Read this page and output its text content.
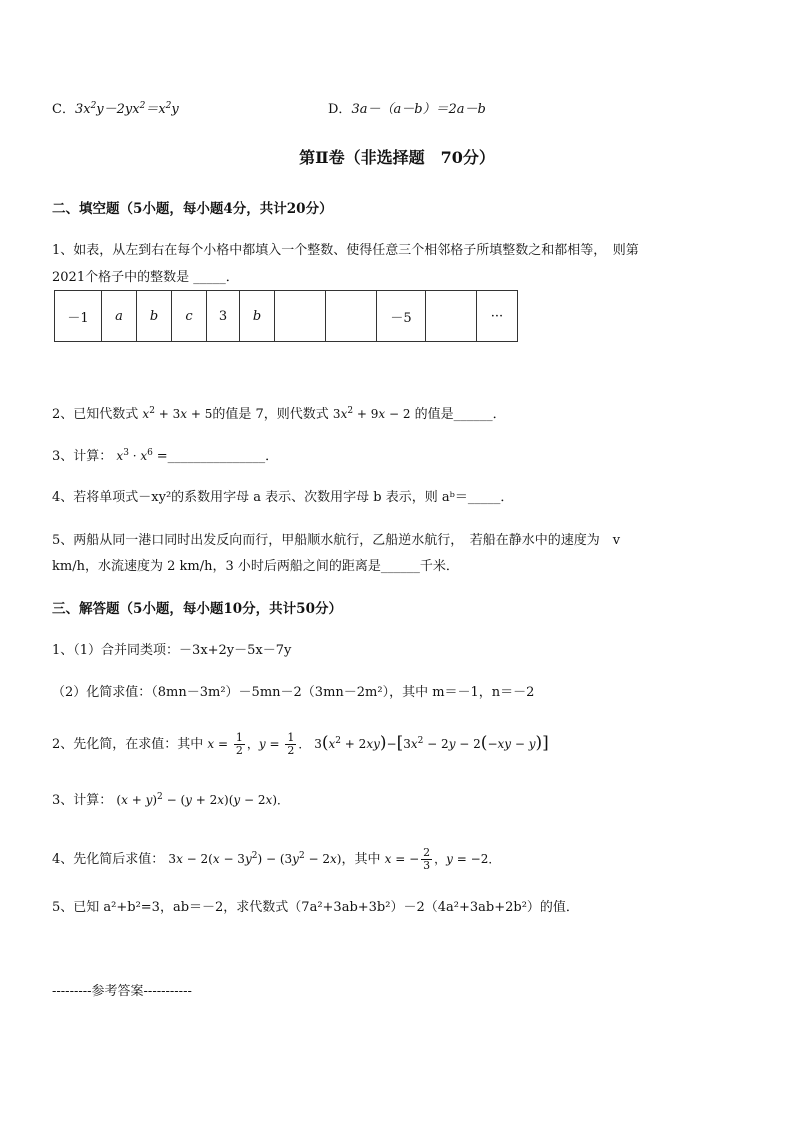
C．$3x^2y-2yx^2=x^2y$	D．3a－（a－b）＝2a－b
第Ⅱ卷（非选择题　70分）
二、填空题（5小题，每小题4分，共计20分）
1、如表，从左到右在每个小格中都填入一个整数、使得任意三个相邻格子所填整数之和都相等，　则第
2021个格子中的整数是 _____．
－1	a	b	c	3	b			－5		···
2、已知代数式 $x^2 + 3x + 5$的值是 7，则代数式 $3x^2 + 9x - 2$ 的值是______．
3、计算： $x^3 \cdot x^6$ =_______________．
4、若将单项式－xy²的系数用字母 a 表示、次数用字母 b 表示，则 aᵇ＝_____．
5、两船从同一港口同时出发反向而行，甲船顺水航行，乙船逆水航行，　若船在静水中的速度为　v
km/h，水流速度为 2 km/h，3 小时后两船之间的距离是______千米．
三、解答题（5小题，每小题10分，共计50分）
1、（1）合并同类项：－3x+2y－5x－7y
（2）化简求值：（8mn－3m²）－5mn－2（3mn－2m²），其中 m＝－1，n＝－2
2、先化简，在求值：其中 $x = \frac{1}{2}$ ，$y = \frac{1}{2}$ ． $3(x^2 + 2xy)-[3x^2 - 2y - 2(-xy - y)]$
3、计算： $(x + y)^2 - (y + 2x)(y - 2x)$．
4、先化简后求值： $3x - 2(x - 3y^2) - (3y^2 - 2x)$，其中 x = − $\frac{2}{3}$ ，y = −2．
5、已知 a²+b²=3，ab＝－2，求代数式（7a²+3ab+3b²）－2（4a²+3ab+2b²）的值．
---------参考答案-----------
